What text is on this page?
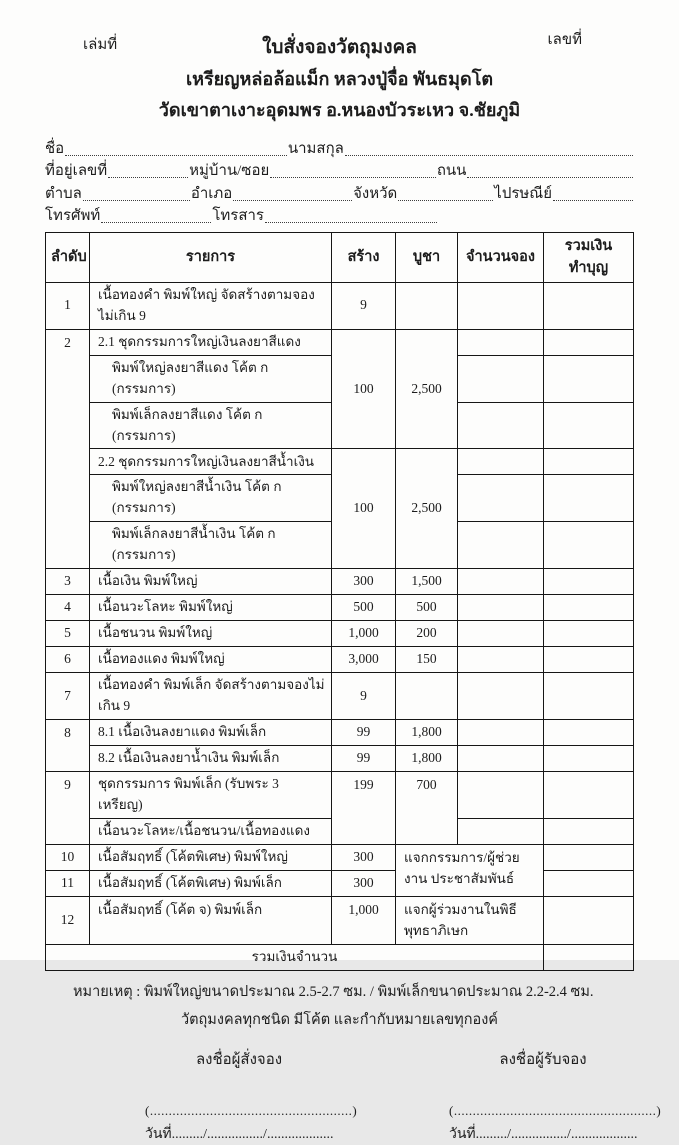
เล่มที่	เลขที่
ใบสั่งจองวัตถุมงคล
เหรียญหล่อล้อแม็ก หลวงปู่จื่อ พันธมุดโต
วัดเขาตาเงาะอุดมพร อ.หนองบัวระเหว จ.ชัยภูมิ
ชื่อ	นามสกุล
ที่อยู่เลขที่	หมู่บ้าน/ซอย	ถนน
ตำบล	อำเภอ	จังหวัด	ไปรษณีย์
โทรศัพท์	โทรสาร
ลำดับ	รายการ	สร้าง	บูชา	จำนวนจอง	รวมเงินทำบุญ
1	เนื้อทองคำ พิมพ์ใหญ่ จัดสร้างตามจองไม่เกิน 9	9			
2	2.1 ชุดกรรมการใหญ่เงินลงยาสีแดง	100	2,500		
	พิมพ์ใหญ่ลงยาสีแดง โค้ต ก (กรรมการ)				
	พิมพ์เล็กลงยาสีแดง โค้ต ก (กรรมการ)				
	2.2 ชุดกรรมการใหญ่เงินลงยาสีน้ำเงิน	100	2,500		
	พิมพ์ใหญ่ลงยาสีน้ำเงิน โค้ต ก (กรรมการ)				
	พิมพ์เล็กลงยาสีน้ำเงิน โค้ต ก (กรรมการ)				
3	เนื้อเงิน พิมพ์ใหญ่	300	1,500		
4	เนื้อนวะโลหะ พิมพ์ใหญ่	500	500		
5	เนื้อชนวน พิมพ์ใหญ่	1,000	200		
6	เนื้อทองแดง พิมพ์ใหญ่	3,000	150		
7	เนื้อทองคำ พิมพ์เล็ก จัดสร้างตามจองไม่เกิน 9	9			
8	8.1 เนื้อเงินลงยาแดง พิมพ์เล็ก	99	1,800		
	8.2 เนื้อเงินลงยาน้ำเงิน พิมพ์เล็ก	99	1,800		
9	ชุดกรรมการ พิมพ์เล็ก (รับพระ 3 เหรียญ)	199	700		
	เนื้อนวะโลหะ/เนื้อชนวน/เนื้อทองแดง				
10	เนื้อสัมฤทธิ์ (โค้ตพิเศษ) พิมพ์ใหญ่	300	แจกกรรมการ/ผู้ช่วยงาน ประชาสัมพันธ์		
11	เนื้อสัมฤทธิ์ (โค้ตพิเศษ) พิมพ์เล็ก	300			
12	เนื้อสัมฤทธิ์ (โค้ต จ) พิมพ์เล็ก	1,000	แจกผู้ร่วมงานในพิธีพุทธา​ภิเษก		
รวมเงินจำนวน					
หมายเหตุ : พิมพ์ใหญ่ขนาดประมาณ 2.5-2.7 ซม. / พิมพ์เล็กขนาดประมาณ 2.2-2.4 ซม.
วัตถุมงคลทุกชนิด มีโค้ต และกำกับหมายเลขทุกองค์
ลงชื่อผู้สั่งจอง
(......................................................)
วันที่........./................/...................
ลงชื่อผู้รับจอง
(......................................................)
วันที่........./................/...................
